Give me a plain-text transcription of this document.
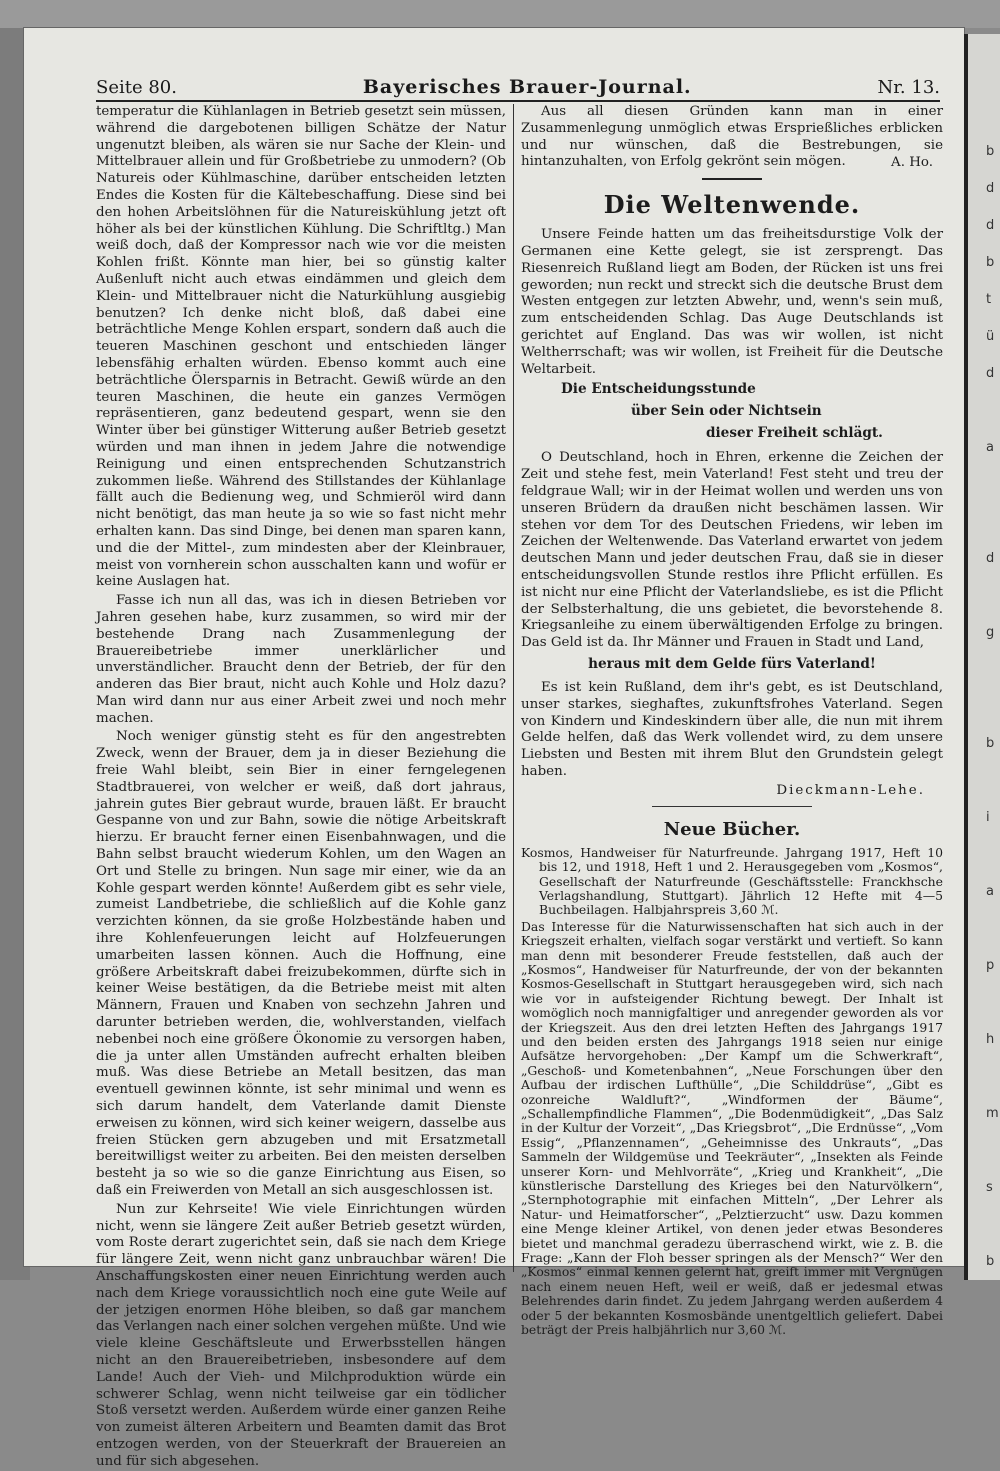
b
d
d
b
t
ü
d
a
d
g
b
i
a
p
h
m
s
b
Seite 80.	Bayerisches Brauer-Journal.	Nr. 13.

temperatur die Kühlanlagen in Betrieb gesetzt sein müssen, während die dargebotenen billigen Schätze der Natur ungenutzt bleiben, als wären sie nur Sache der Klein- und Mittelbrauer allein und für Großbetriebe zu unmodern? (Ob Natureis oder Kühlmaschine, darüber entscheiden letzten Endes die Kosten für die Kältebeschaffung. Diese sind bei den hohen Arbeitslöhnen für die Natureiskühlung jetzt oft höher als bei der künstlichen Kühlung. Die Schriftltg.) Man weiß doch, daß der Kompressor nach wie vor die meisten Kohlen frißt. Könnte man hier, bei so günstig kalter Außenluft nicht auch etwas eindämmen und gleich dem Klein- und Mittelbrauer nicht die Naturkühlung ausgiebig benutzen? Ich denke nicht bloß, daß dabei eine beträchtliche Menge Kohlen erspart, sondern daß auch die teueren Maschinen geschont und entschieden länger lebensfähig erhalten würden. Ebenso kommt auch eine beträchtliche Ölersparnis in Betracht. Gewiß würde an den teuren Maschinen, die heute ein ganzes Vermögen repräsentieren, ganz bedeutend gespart, wenn sie den Winter über bei günstiger Witterung außer Betrieb gesetzt würden und man ihnen in jedem Jahre die notwendige Reinigung und einen entsprechenden Schutzanstrich zukommen ließe. Während des Stillstandes der Kühlanlage fällt auch die Bedienung weg, und Schmieröl wird dann nicht benötigt, das man heute ja so wie so fast nicht mehr erhalten kann. Das sind Dinge, bei denen man sparen kann, und die der Mittel-, zum mindesten aber der Kleinbrauer, meist von vornherein schon ausschalten kann und wofür er keine Auslagen hat.

Fasse ich nun all das, was ich in diesen Betrieben vor Jahren gesehen habe, kurz zusammen, so wird mir der bestehende Drang nach Zusammenlegung der Brauereibetriebe immer unerklärlicher und unverständlicher. Braucht denn der Betrieb, der für den anderen das Bier braut, nicht auch Kohle und Holz dazu? Man wird dann nur aus einer Arbeit zwei und noch mehr machen.

Noch weniger günstig steht es für den angestrebten Zweck, wenn der Brauer, dem ja in dieser Beziehung die freie Wahl bleibt, sein Bier in einer ferngelegenen Stadtbrauerei, von welcher er weiß, daß dort jahraus, jahrein gutes Bier gebraut wurde, brauen läßt. Er braucht Gespanne von und zur Bahn, sowie die nötige Arbeitskraft hierzu. Er braucht ferner einen Eisenbahnwagen, und die Bahn selbst braucht wiederum Kohlen, um den Wagen an Ort und Stelle zu bringen. Nun sage mir einer, wie da an Kohle gespart werden könnte! Außerdem gibt es sehr viele, zumeist Landbetriebe, die schließlich auf die Kohle ganz verzichten können, da sie große Holzbestände haben und ihre Kohlenfeuerungen leicht auf Holzfeuerungen umarbeiten lassen können. Auch die Hoffnung, eine größere Arbeitskraft dabei freizubekommen, dürfte sich in keiner Weise bestätigen, da die Betriebe meist mit alten Männern, Frauen und Knaben von sechzehn Jahren und darunter betrieben werden, die, wohlverstanden, vielfach nebenbei noch eine größere Ökonomie zu versorgen haben, die ja unter allen Umständen aufrecht erhalten bleiben muß. Was diese Betriebe an Metall besitzen, das man eventuell gewinnen könnte, ist sehr minimal und wenn es sich darum handelt, dem Vaterlande damit Dienste erweisen zu können, wird sich keiner weigern, dasselbe aus freien Stücken gern abzugeben und mit Ersatzmetall bereitwilligst weiter zu arbeiten. Bei den meisten derselben besteht ja so wie so die ganze Einrichtung aus Eisen, so daß ein Freiwerden von Metall an sich ausgeschlossen ist.

Nun zur Kehrseite! Wie viele Einrichtungen würden nicht, wenn sie längere Zeit außer Betrieb gesetzt würden, vom Roste derart zugerichtet sein, daß sie nach dem Kriege für längere Zeit, wenn nicht ganz unbrauchbar wären! Die Anschaffungskosten einer neuen Einrichtung werden auch nach dem Kriege voraussichtlich noch eine gute Weile auf der jetzigen enormen Höhe bleiben, so daß gar manchem das Verlangen nach einer solchen vergehen müßte. Und wie viele kleine Geschäftsleute und Erwerbsstellen hängen nicht an den Brauereibetrieben, insbesondere auf dem Lande! Auch der Vieh- und Milchproduktion würde ein schwerer Schlag, wenn nicht teilweise gar ein tödlicher Stoß versetzt werden. Außerdem würde einer ganzen Reihe von zumeist älteren Arbeitern und Beamten damit das Brot entzogen werden, von der Steuerkraft der Brauereien an und für sich abgesehen.

Aus all diesen Gründen kann man in einer Zusammenlegung unmöglich etwas Ersprießliches erblicken und nur wünschen, daß die Bestrebungen, sie hintanzuhalten, von Erfolg gekrönt sein mögen.	A. Ho.
Die Weltenwende.

Unsere Feinde hatten um das freiheitsdurstige Volk der Germanen eine Kette gelegt, sie ist zersprengt. Das Riesenreich Rußland liegt am Boden, der Rücken ist uns frei geworden; nun reckt und streckt sich die deutsche Brust dem Westen entgegen zur letzten Abwehr, und, wenn's sein muß, zum entscheidenden Schlag. Das Auge Deutschlands ist gerichtet auf England. Das was wir wollen, ist nicht Weltherrschaft; was wir wollen, ist Freiheit für die Deutsche Weltarbeit.

Die Entscheidungsstunde

über Sein oder Nichtsein

dieser Freiheit schlägt.

O Deutschland, hoch in Ehren, erkenne die Zeichen der Zeit und stehe fest, mein Vaterland! Fest steht und treu der feldgraue Wall; wir in der Heimat wollen und werden uns von unseren Brüdern da draußen nicht beschämen lassen. Wir stehen vor dem Tor des Deutschen Friedens, wir leben im Zeichen der Weltenwende. Das Vaterland erwartet von jedem deutschen Mann und jeder deutschen Frau, daß sie in dieser entscheidungsvollen Stunde restlos ihre Pflicht erfüllen. Es ist nicht nur eine Pflicht der Vaterlandsliebe, es ist die Pflicht der Selbsterhaltung, die uns gebietet, die bevorstehende 8. Kriegsanleihe zu einem überwältigenden Erfolge zu bringen. Das Geld ist da. Ihr Männer und Frauen in Stadt und Land,

heraus mit dem Gelde fürs Vaterland!

Es ist kein Rußland, dem ihr's gebt, es ist Deutschland, unser starkes, sieghaftes, zukunftsfrohes Vaterland. Segen von Kindern und Kindeskindern über alle, die nun mit ihrem Gelde helfen, daß das Werk vollendet wird, zu dem unsere Liebsten und Besten mit ihrem Blut den Grundstein gelegt haben.

Dieckmann-Lehe.
Neue Bücher.

Kosmos, Handweiser für Naturfreunde. Jahrgang 1917, Heft 10 bis 12, und 1918, Heft 1 und 2. Herausgegeben vom „Kosmos“, Gesellschaft der Naturfreunde (Geschäftsstelle: Franckhsche Verlagshandlung, Stuttgart). Jährlich 12 Hefte mit 4—5 Buchbeilagen. Halbjahrspreis 3,60 ℳ.

Das Interesse für die Naturwissenschaften hat sich auch in der Kriegszeit erhalten, vielfach sogar verstärkt und vertieft. So kann man denn mit besonderer Freude feststellen, daß auch der „Kosmos“, Handweiser für Naturfreunde, der von der bekannten Kosmos-Gesellschaft in Stuttgart herausgegeben wird, sich nach wie vor in aufsteigender Richtung bewegt. Der Inhalt ist womöglich noch mannigfaltiger und anregender geworden als vor der Kriegszeit. Aus den drei letzten Heften des Jahrgangs 1917 und den beiden ersten des Jahrgangs 1918 seien nur einige Aufsätze hervorgehoben: „Der Kampf um die Schwerkraft“, „Geschoß- und Kometenbahnen“, „Neue Forschungen über den Aufbau der irdischen Lufthülle“, „Die Schilddrüse“, „Gibt es ozonreiche Waldluft?“, „Windformen der Bäume“, „Schallempfindliche Flammen“, „Die Bodenmüdigkeit“, „Das Salz in der Kultur der Vorzeit“, „Das Kriegsbrot“, „Die Erdnüsse“, „Vom Essig“, „Pflanzennamen“, „Geheimnisse des Unkrauts“, „Das Sammeln der Wildgemüse und Teekräuter“, „Insekten als Feinde unserer Korn- und Mehlvorräte“, „Krieg und Krankheit“, „Die künstlerische Darstellung des Krieges bei den Naturvölkern“, „Sternphotographie mit einfachen Mitteln“, „Der Lehrer als Natur- und Heimatforscher“, „Pelztierzucht“ usw. Dazu kommen eine Menge kleiner Artikel, von denen jeder etwas Besonderes bietet und manchmal geradezu überraschend wirkt, wie z. B. die Frage: „Kann der Floh besser springen als der Mensch?“ Wer den „Kosmos“ einmal kennen gelernt hat, greift immer mit Vergnügen nach einem neuen Heft, weil er weiß, daß er jedesmal etwas Belehrendes darin findet. Zu jedem Jahrgang werden außerdem 4 oder 5 der bekannten Kosmosbände unentgeltlich geliefert. Dabei beträgt der Preis halbjährlich nur 3,60 ℳ.
